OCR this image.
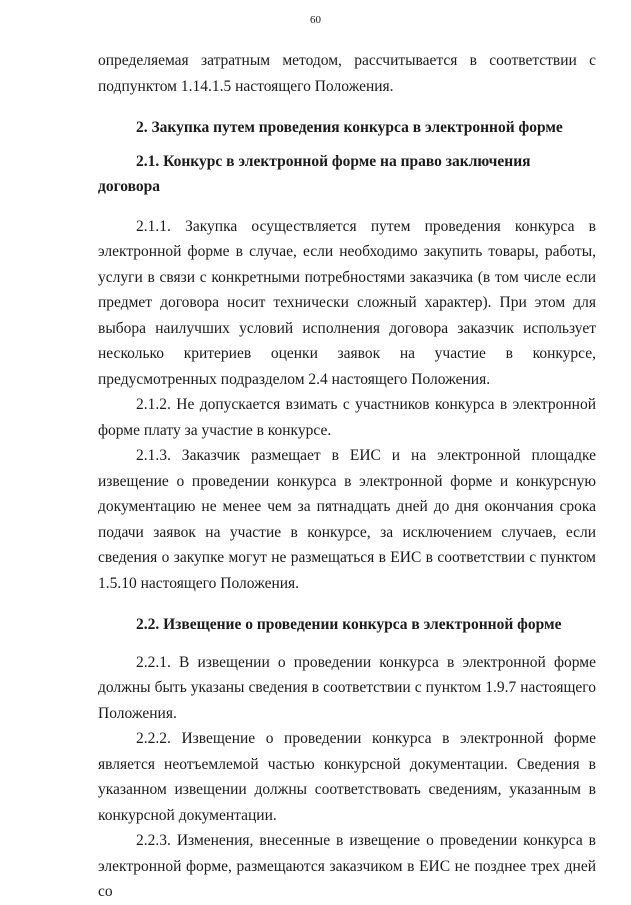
60

определяемая затратным методом, рассчитывается в соответствии с подпунктом 1.14.1.5 настоящего Положения.

2. Закупка путем проведения конкурса в электронной форме
2.1. Конкурс в электронной форме на право заключения договора

2.1.1. Закупка осуществляется путем проведения конкурса в электронной форме в случае, если необходимо закупить товары, работы, услуги в связи с конкретными потребностями заказчика (в том числе если предмет договора носит технически сложный характер). При этом для выбора наилучших условий исполнения договора заказчик использует несколько критериев оценки заявок на участие в конкурсе, предусмотренных подразделом 2.4 настоящего Положения.

2.1.2. Не допускается взимать с участников конкурса в электронной форме плату за участие в конкурсе.

2.1.3. Заказчик размещает в ЕИС и на электронной площадке извещение о проведении конкурса в электронной форме и конкурсную документацию не менее чем за пятнадцать дней до дня окончания срока подачи заявок на участие в конкурсе, за исключением случаев, если сведения о закупке могут не размещаться в ЕИС в соответствии с пунктом 1.5.10 настоящего Положения.

2.2. Извещение о проведении конкурса в электронной форме

2.2.1. В извещении о проведении конкурса в электронной форме должны быть указаны сведения в соответствии с пунктом 1.9.7 настоящего Положения.

2.2.2. Извещение о проведении конкурса в электронной форме является неотъемлемой частью конкурсной документации. Сведения в указанном извещении должны соответствовать сведениям, указанным в конкурсной документации.

2.2.3. Изменения, внесенные в извещение о проведении конкурса в электронной форме, размещаются заказчиком в ЕИС не позднее трех дней со
